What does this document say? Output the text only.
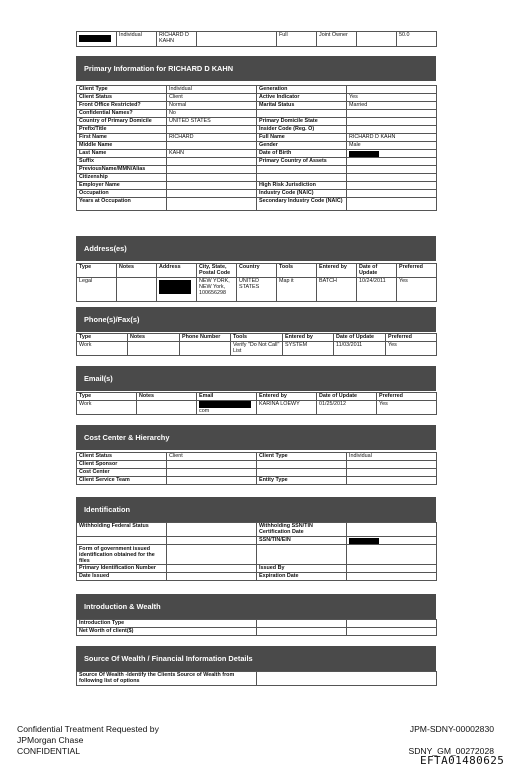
	Individual	RICHARD D KAHN		Full	Joint Owner		50.0
Primary Information for RICHARD D KAHN
Client Type	Individual	Generation	
Client Status	Client	Active Indicator	Yes
Front Office Restricted?	Normal	Marital Status	Married
Confidential Names?	No		
Country of Primary Domicile	UNITED STATES	Primary Domicile State	
Prefix/Title		Insider Code (Reg. O)	
First Name	RICHARD	Full Name	RICHARD D KAHN
Middle Name		Gender	Male
Last Name	KAHN	Date of Birth	
Suffix		Primary Country of Assets	
PreviousName/MMN/Alias			
Citizenship			
Employer Name		High Risk Jurisdiction	
Occupation		Industry Code (NAIC)	
Years at Occupation		Secondary Industry Code (NAIC)	
Address(es)
Type	Notes	Address	City, State, Postal Code	Country	Tools	Entered by	Date of Update	Preferred
Legal			NEW YORK, NEW York, 100656298	UNITED STATES	Map it	BATCH	10/24/2011	Yes
Phone(s)/Fax(s)
Type	Notes	Phone Number	Tools	Entered by	Date of Update	Preferred
Work			Verify "Do Not Call" List	SYSTEM	11/03/2011	Yes
Email(s)
Type	Notes	Email	Entered by	Date of Update	Preferred
Work		com	KARINA LOEWY	01/25/2012	Yes
Cost Center & Hierarchy
Client Status	Client	Client Type	Individual
Client Sponsor			
Cost Center			
Client Service Team		Entity Type	
Identification
Withholding Federal Status		Withholding SSN/TIN Certification Date	
		SSN/TIN/EIN	
Form of government issued identification obtained for the files			
Primary Identification Number		Issued By	
Date Issued		Expiration Date	
Introduction & Wealth
Introduction Type		
Net Worth of client($)		
Source Of Wealth / Financial Information Details
Source Of Wealth -Identify the Clients Source of Wealth from following list of options	
Confidential Treatment Requested by
JPMorgan Chase
CONFIDENTIAL
JPM-SDNY-00002830
SDNY_GM_00272028
EFTA01480625
